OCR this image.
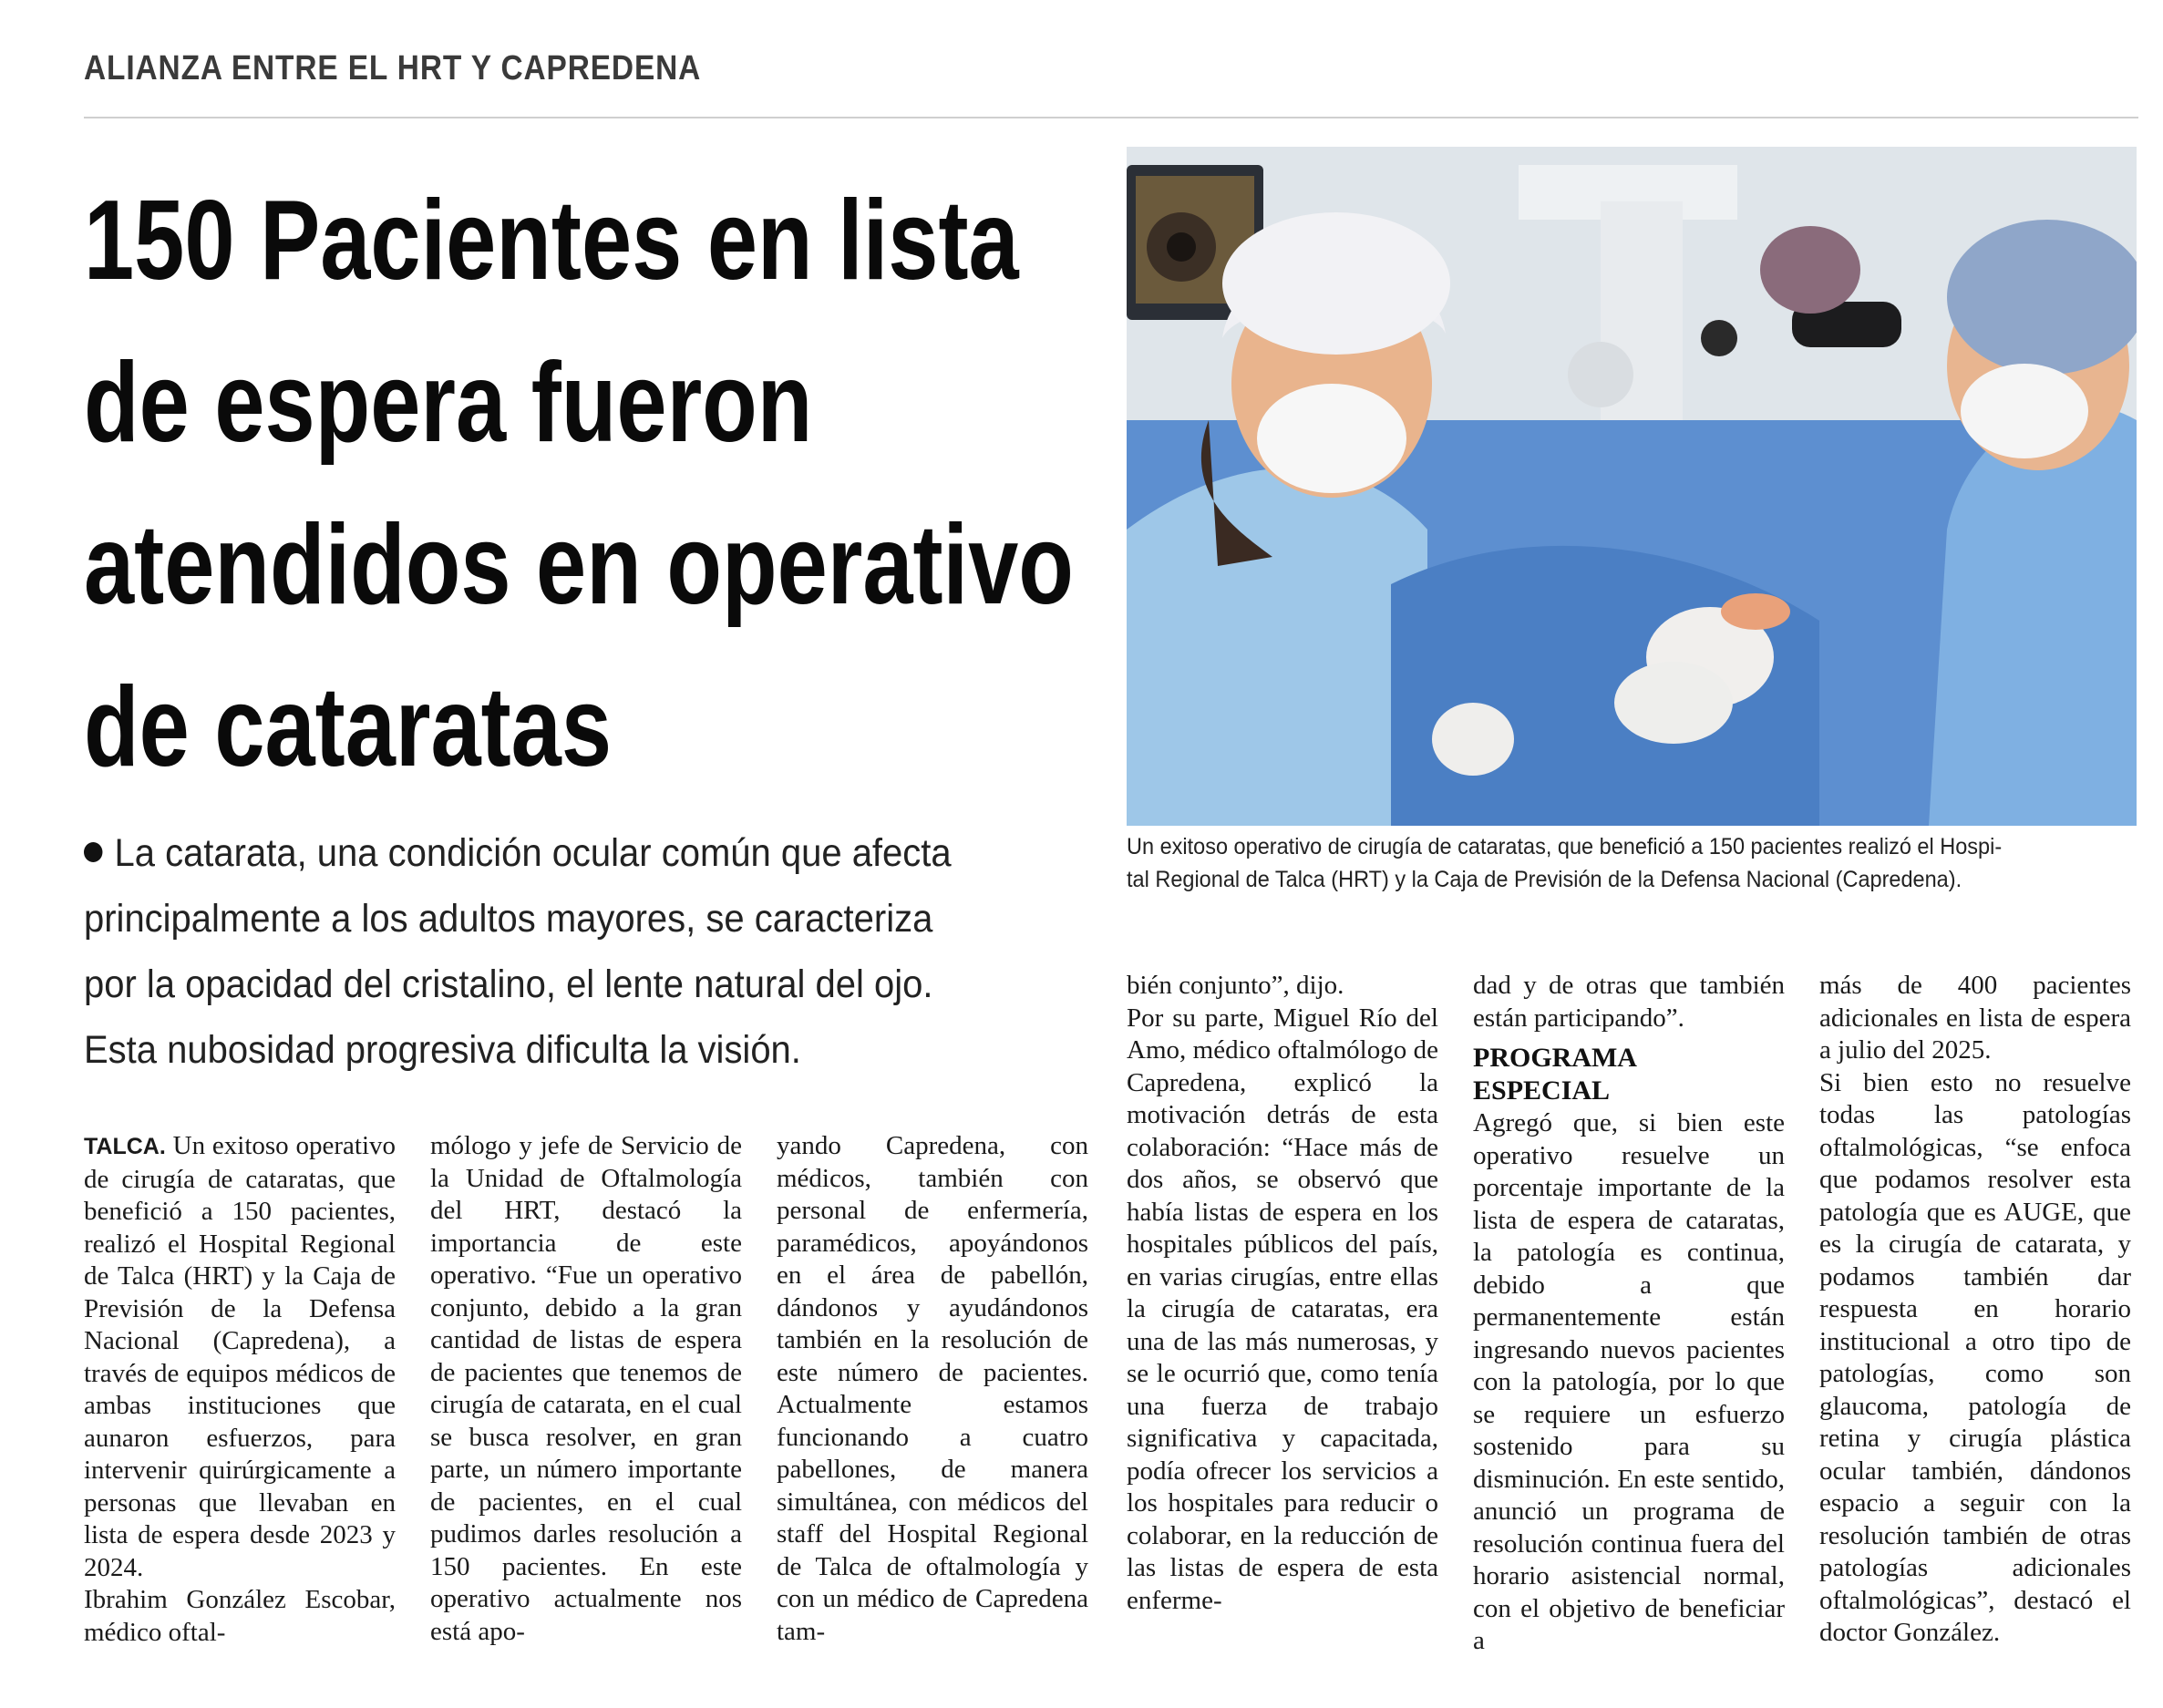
ALIANZA ENTRE EL HRT Y CAPREDENA
150 Pacientes en lista
de espera fueron
atendidos en operativo
de cataratas
La catarata, una condición ocular común que afecta
principalmente a los adultos mayores, se caracteriza
por la opacidad del cristalino, el lente natural del ojo.
Esta nubosidad progresiva dificulta la visión.
Un exitoso operativo de cirugía de cataratas, que benefició a 150 pacientes realizó el Hospi-
tal Regional de Talca (HRT) y la Caja de Previsión de la Defensa Nacional (Capredena).

TALCA. Un exitoso operativo de cirugía de cataratas, que benefició a 150 pacientes, realizó el Hospital Regional de Talca (HRT) y la Caja de Previsión de la Defensa Nacional (Capredena), a través de equipos médicos de ambas instituciones que aunaron esfuerzos, para intervenir quirúrgicamente a personas que llevaban en lista de espera desde 2023 y 2024.

Ibrahim González Escobar, médico oftal-

mólogo y jefe de Servicio de la Unidad de Oftalmología del HRT, destacó la importancia de este operativo. “Fue un operativo conjunto, debido a la gran cantidad de listas de espera de pacientes que tenemos de cirugía de catarata, en el cual se busca resolver, en gran parte, un número importante de pacientes, en el cual pudimos darles resolución a 150 pacientes. En este operativo actualmente nos está apo-

yando Capredena, con médicos, también con personal de enfermería, paramédicos, apoyándonos en el área de pabellón, dándonos y ayudándonos también en la resolución de este número de pacientes. Actualmente estamos funcionando a cuatro pabellones, de manera simultánea, con médicos del staff del Hospital Regional de Talca de oftalmología y con un médico de Capredena tam-

bién conjunto”, dijo.

Por su parte, Miguel Río del Amo, médico oftalmólogo de Capredena, explicó la motivación detrás de esta colaboración: “Hace más de dos años, se observó que había listas de espera en los hospitales públicos del país, en varias cirugías, entre ellas la cirugía de cataratas, era una de las más numerosas, y se le ocurrió que, como tenía una fuerza de trabajo significativa y capacitada, podía ofrecer los servicios a los hospitales para reducir o colaborar, en la reducción de las listas de espera de esta enferme-

dad y de otras que también están participando”.

PROGRAMA
ESPECIAL

Agregó que, si bien este operativo resuelve un porcentaje importante de la lista de espera de cataratas, la patología es continua, debido a que permanentemente están ingresando nuevos pacientes con la patología, por lo que se requiere un esfuerzo sostenido para su disminución. En este sentido, anunció un programa de resolución continua fuera del horario asistencial normal, con el objetivo de beneficiar a

más de 400 pacientes adicionales en lista de espera a julio del 2025.

Si bien esto no resuelve todas las patologías oftalmológicas, “se enfoca que podamos resolver esta patología que es AUGE, que es la cirugía de catarata, y podamos también dar respuesta en horario institucional a otro tipo de patologías, como son glaucoma, patología de retina y cirugía plástica ocular también, dándonos espacio a seguir con la resolución también de otras patologías adicionales oftalmológicas”, destacó el doctor González.
